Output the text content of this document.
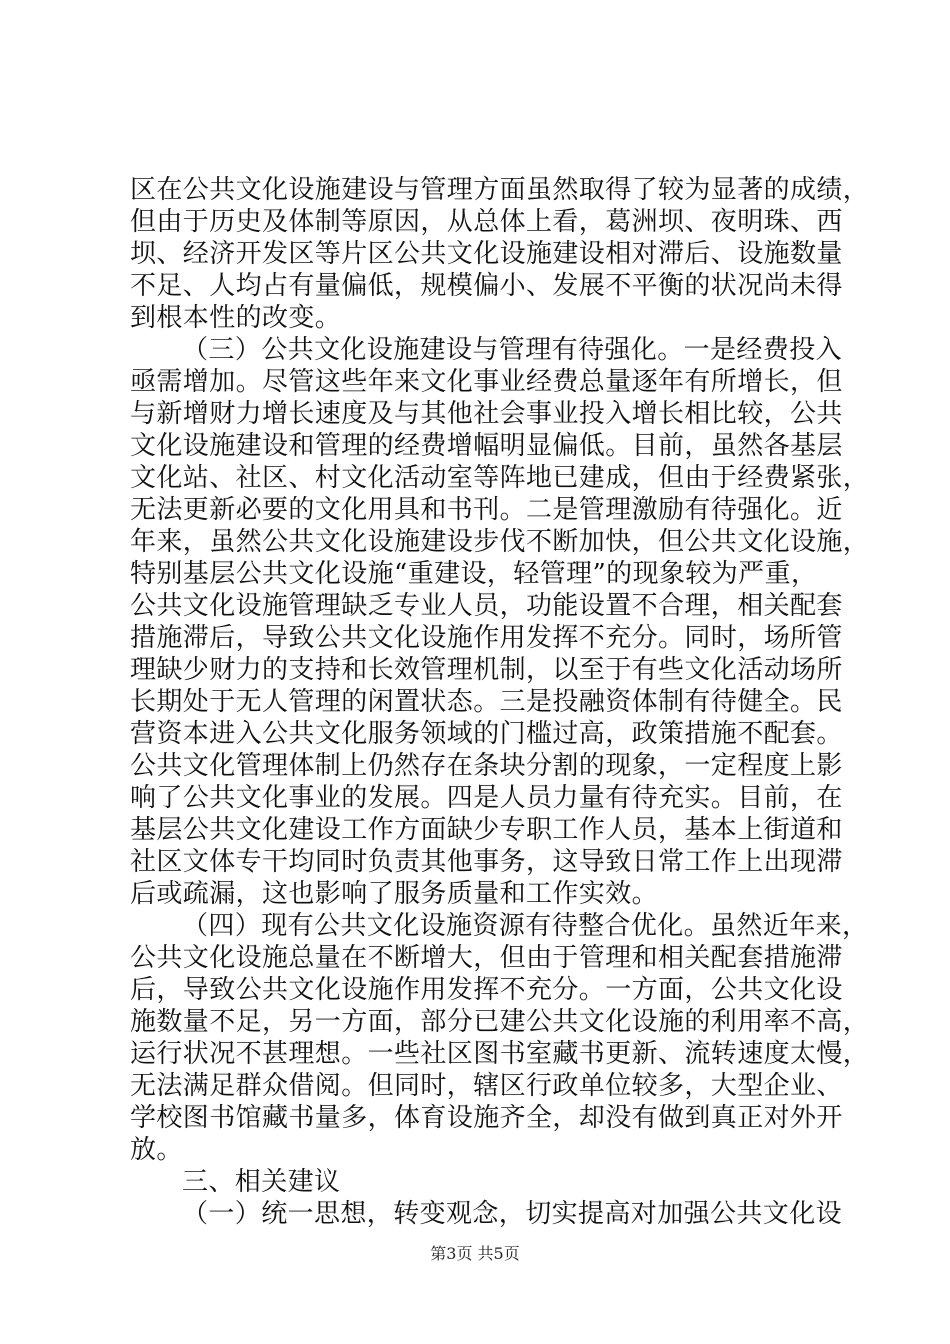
区在公共文化设施建设与管理方面虽然取得了较为显著的成绩，
但由于历史及体制等原因，从总体上看，葛洲坝、夜明珠、西
坝、经济开发区等片区公共文化设施建设相对滞后、设施数量
不足、人均占有量偏低，规模偏小、发展不平衡的状况尚未得
到根本性的改变。
（三）公共文化设施建设与管理有待强化。一是经费投入
亟需增加。尽管这些年来文化事业经费总量逐年有所增长，但
与新增财力增长速度及与其他社会事业投入增长相比较，公共
文化设施建设和管理的经费增幅明显偏低。目前，虽然各基层
文化站、社区、村文化活动室等阵地已建成，但由于经费紧张，
无法更新必要的文化用具和书刊。二是管理激励有待强化。近
年来，虽然公共文化设施建设步伐不断加快，但公共文化设施，
特别基层公共文化设施“重建设，轻管理”的现象较为严重，
公共文化设施管理缺乏专业人员，功能设置不合理，相关配套
措施滞后，导致公共文化设施作用发挥不充分。同时，场所管
理缺少财力的支持和长效管理机制，以至于有些文化活动场所
长期处于无人管理的闲置状态。三是投融资体制有待健全。民
营资本进入公共文化服务领域的门槛过高，政策措施不配套。
公共文化管理体制上仍然存在条块分割的现象，一定程度上影
响了公共文化事业的发展。四是人员力量有待充实。目前，在
基层公共文化建设工作方面缺少专职工作人员，基本上街道和
社区文体专干均同时负责其他事务，这导致日常工作上出现滞
后或疏漏，这也影响了服务质量和工作实效。
（四）现有公共文化设施资源有待整合优化。虽然近年来，
公共文化设施总量在不断增大，但由于管理和相关配套措施滞
后，导致公共文化设施作用发挥不充分。一方面，公共文化设
施数量不足，另一方面，部分已建公共文化设施的利用率不高，
运行状况不甚理想。一些社区图书室藏书更新、流转速度太慢，
无法满足群众借阅。但同时，辖区行政单位较多，大型企业、
学校图书馆藏书量多，体育设施齐全，却没有做到真正对外开
放。
三、相关建议
（一）统一思想，转变观念，切实提高对加强公共文化设
第3页 共5页
